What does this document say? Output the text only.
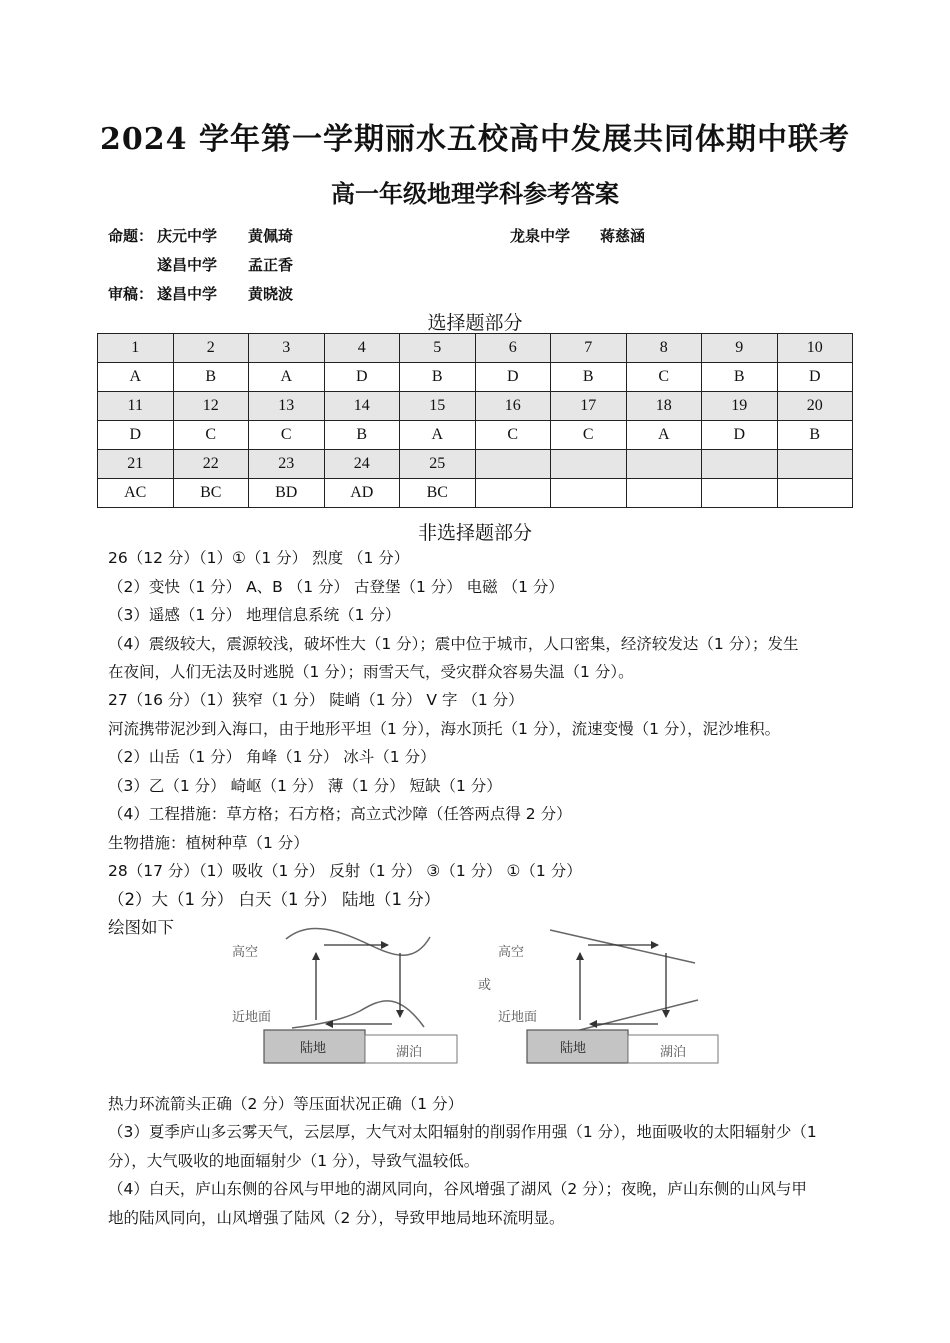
2024 学年第一学期丽水五校高中发展共同体期中联考
高一年级地理学科参考答案
命题： 庆元中学 黄佩琦	龙泉中学 蒋慈涵
遂昌中学 孟正香
审稿： 遂昌中学 黄晓波
选择题部分
1	2	3	4	5	6	7	8	9	10
A	B	A	D	B	D	B	C	B	D
11	12	13	14	15	16	17	18	19	20
D	C	C	B	A	C	C	A	D	B
21	22	23	24	25					
AC	BC	BD	AD	BC					
非选择题部分
26（12 分）（1）①（1 分） 烈度 （1 分）
（2）变快（1 分） A、B （1 分） 古登堡（1 分） 电磁 （1 分）
（3）遥感（1 分） 地理信息系统（1 分）
（4）震级较大，震源较浅，破坏性大（1 分）；震中位于城市，人口密集，经济较发达（1 分）；发生
在夜间，人们无法及时逃脱（1 分）；雨雪天气，受灾群众容易失温（1 分）。
27（16 分）（1）狭窄（1 分） 陡峭（1 分） V 字 （1 分）
河流携带泥沙到入海口，由于地形平坦（1 分），海水顶托（1 分），流速变慢（1 分），泥沙堆积。
（2）山岳（1 分） 角峰（1 分） 冰斗（1 分）
（3）乙（1 分） 崎岖（1 分） 薄（1 分） 短缺（1 分）
（4）工程措施：草方格；石方格；高立式沙障（任答两点得 2 分）
生物措施：植树种草（1 分）
28（17 分）（1）吸收（1 分） 反射（1 分） ③（1 分） ①（1 分）
（2）大（1 分） 白天（1 分） 陆地（1 分）
绘图如下
高空
近地面
陆地	湖泊
或
高空
近地面
陆地	湖泊
热力环流箭头正确（2 分）等压面状况正确（1 分）
（3）夏季庐山多云雾天气，云层厚，大气对太阳辐射的削弱作用强（1 分），地面吸收的太阳辐射少（1
分），大气吸收的地面辐射少（1 分），导致气温较低。
（4）白天，庐山东侧的谷风与甲地的湖风同向，谷风增强了湖风（2 分）；夜晚，庐山东侧的山风与甲
地的陆风同向，山风增强了陆风（2 分），导致甲地局地环流明显。
